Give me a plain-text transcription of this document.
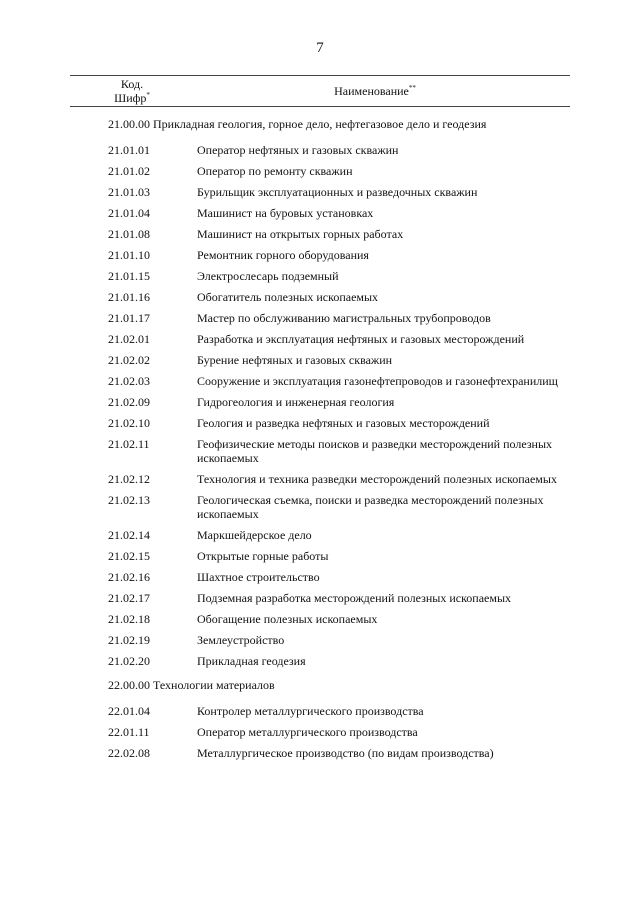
7
Код.
Шифр*	Наименование**
21.00.00 Прикладная геология, горное дело, нефтегазовое дело и геодезия
21.01.01	Оператор нефтяных и газовых скважин
21.01.02	Оператор по ремонту скважин
21.01.03	Бурильщик эксплуатационных и разведочных скважин
21.01.04	Машинист на буровых установках
21.01.08	Машинист на открытых горных работах
21.01.10	Ремонтник горного оборудования
21.01.15	Электрослесарь подземный
21.01.16	Обогатитель полезных ископаемых
21.01.17	Мастер по обслуживанию магистральных трубопроводов
21.02.01	Разработка и эксплуатация нефтяных и газовых месторождений
21.02.02	Бурение нефтяных и газовых скважин
21.02.03	Сооружение и эксплуатация газонефтепроводов и газонефтехранилищ
21.02.09	Гидрогеология и инженерная геология
21.02.10	Геология и разведка нефтяных и газовых месторождений
21.02.11	Геофизические методы поисков и разведки месторождений полезных ископаемых
21.02.12	Технология и техника разведки месторождений полезных ископаемых
21.02.13	Геологическая съемка, поиски и разведка месторождений полезных ископаемых
21.02.14	Маркшейдерское дело
21.02.15	Открытые горные работы
21.02.16	Шахтное строительство
21.02.17	Подземная разработка месторождений полезных ископаемых
21.02.18	Обогащение полезных ископаемых
21.02.19	Землеустройство
21.02.20	Прикладная геодезия
22.00.00 Технологии материалов
22.01.04	Контролер металлургического производства
22.01.11	Оператор металлургического производства
22.02.08	Металлургическое производство (по видам производства)
